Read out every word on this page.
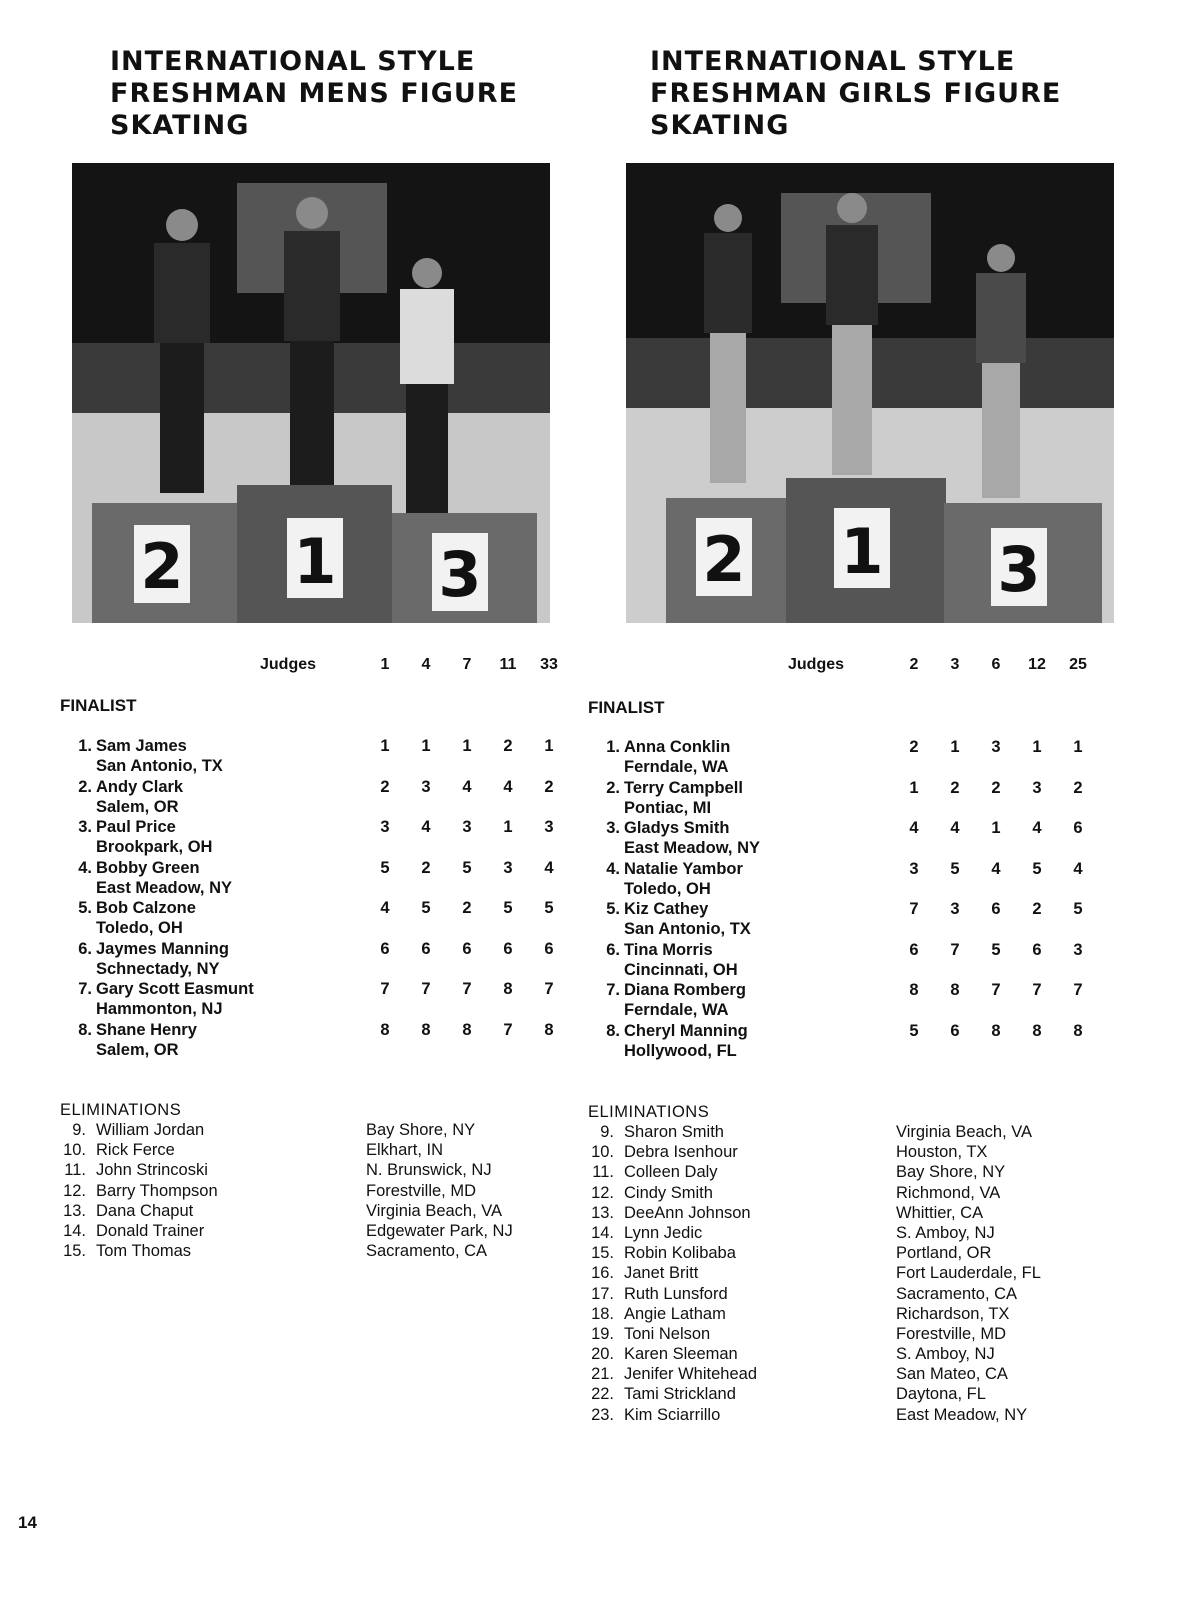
INTERNATIONAL STYLE
FRESHMAN MENS FIGURE
SKATING
2 1 3
Judges	1	4	7	11	33
FINALIST
1. Sam James
San Antonio, TX
1	1	1	2	1
2. Andy Clark
Salem, OR
2	3	4	4	2
3. Paul Price
Brookpark, OH
3	4	3	1	3
4. Bobby Green
East Meadow, NY
5	2	5	3	4
5. Bob Calzone
Toledo, OH
4	5	2	5	5
6. Jaymes Manning
Schnectady, NY
6	6	6	6	6
7. Gary Scott Easmunt
Hammonton, NJ
7	7	7	8	7
8. Shane Henry
Salem, OR
8	8	8	7	8
ELIMINATIONS
9. William Jordan	Bay Shore, NY
10. Rick Ferce	Elkhart, IN
11. John Strincoski	N. Brunswick, NJ
12. Barry Thompson	Forestville, MD
13. Dana Chaput	Virginia Beach, VA
14. Donald Trainer	Edgewater Park, NJ
15. Tom Thomas	Sacramento, CA
INTERNATIONAL STYLE
FRESHMAN GIRLS FIGURE
SKATING
2 1 3
Judges	2	3	6	12	25
FINALIST
1. Anna Conklin
Ferndale, WA
2	1	3	1	1
2. Terry Campbell
Pontiac, MI
1	2	2	3	2
3. Gladys Smith
East Meadow, NY
4	4	1	4	6
4. Natalie Yambor
Toledo, OH
3	5	4	5	4
5. Kiz Cathey
San Antonio, TX
7	3	6	2	5
6. Tina Morris
Cincinnati, OH
6	7	5	6	3
7. Diana Romberg
Ferndale, WA
8	8	7	7	7
8. Cheryl Manning
Hollywood, FL
5	6	8	8	8
ELIMINATIONS
9. Sharon Smith	Virginia Beach, VA
10. Debra Isenhour	Houston, TX
11. Colleen Daly	Bay Shore, NY
12. Cindy Smith	Richmond, VA
13. DeeAnn Johnson	Whittier, CA
14. Lynn Jedic	S. Amboy, NJ
15. Robin Kolibaba	Portland, OR
16. Janet Britt	Fort Lauderdale, FL
17. Ruth Lunsford	Sacramento, CA
18. Angie Latham	Richardson, TX
19. Toni Nelson	Forestville, MD
20. Karen Sleeman	S. Amboy, NJ
21. Jenifer Whitehead	San Mateo, CA
22. Tami Strickland	Daytona, FL
23. Kim Sciarrillo	East Meadow, NY
14
